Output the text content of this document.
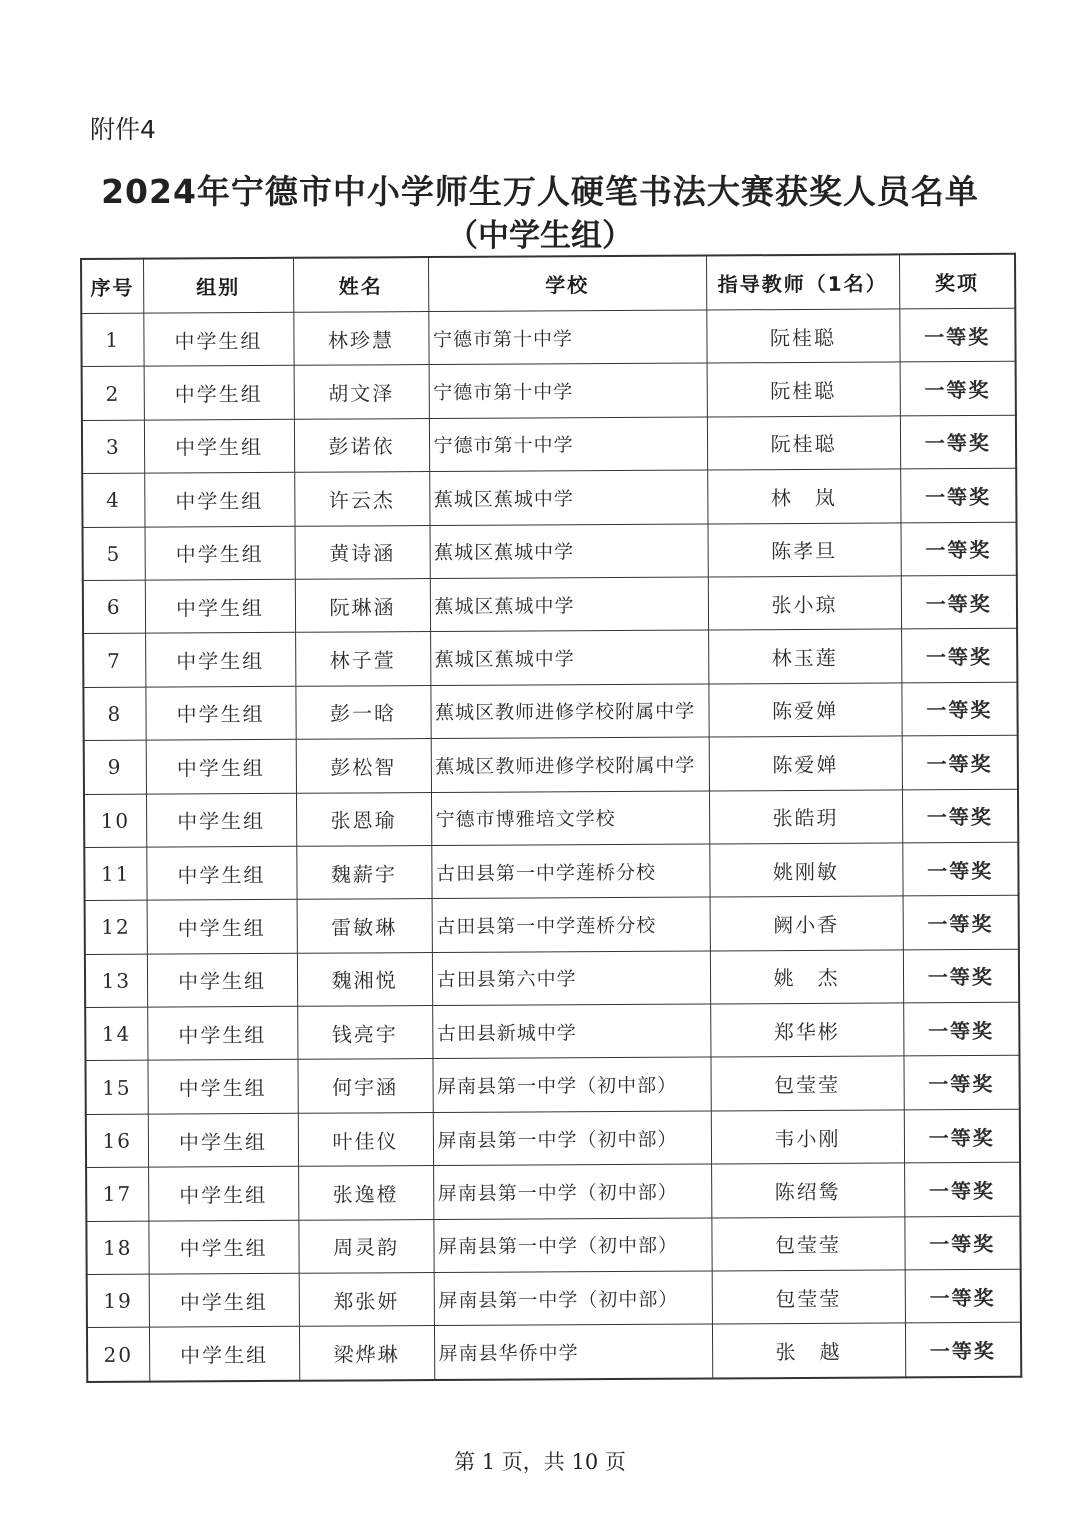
附件4
2024年宁德市中小学师生万人硬笔书法大赛获奖人员名单
（中学生组）
序号	组别	姓名	学校	指导教师（1名）	奖项
1	中学生组	林珍慧	宁德市第十中学	阮桂聪	一等奖
2	中学生组	胡文泽	宁德市第十中学	阮桂聪	一等奖
3	中学生组	彭诺依	宁德市第十中学	阮桂聪	一等奖
4	中学生组	许云杰	蕉城区蕉城中学	林　岚	一等奖
5	中学生组	黄诗涵	蕉城区蕉城中学	陈孝旦	一等奖
6	中学生组	阮琳涵	蕉城区蕉城中学	张小琼	一等奖
7	中学生组	林子萱	蕉城区蕉城中学	林玉莲	一等奖
8	中学生组	彭一晗	蕉城区教师进修学校附属中学	陈爱婵	一等奖
9	中学生组	彭松智	蕉城区教师进修学校附属中学	陈爱婵	一等奖
10	中学生组	张恩瑜	宁德市博雅培文学校	张皓玥	一等奖
11	中学生组	魏薪宇	古田县第一中学莲桥分校	姚刚敏	一等奖
12	中学生组	雷敏琳	古田县第一中学莲桥分校	阙小香	一等奖
13	中学生组	魏湘悦	古田县第六中学	姚　杰	一等奖
14	中学生组	钱亮宇	古田县新城中学	郑华彬	一等奖
15	中学生组	何宇涵	屏南县第一中学（初中部）	包莹莹	一等奖
16	中学生组	叶佳仪	屏南县第一中学（初中部）	韦小刚	一等奖
17	中学生组	张逸橙	屏南县第一中学（初中部）	陈绍鸶	一等奖
18	中学生组	周灵韵	屏南县第一中学（初中部）	包莹莹	一等奖
19	中学生组	郑张妍	屏南县第一中学（初中部）	包莹莹	一等奖
20	中学生组	梁烨琳	屏南县华侨中学	张　越	一等奖
第 1 页，共 10 页
